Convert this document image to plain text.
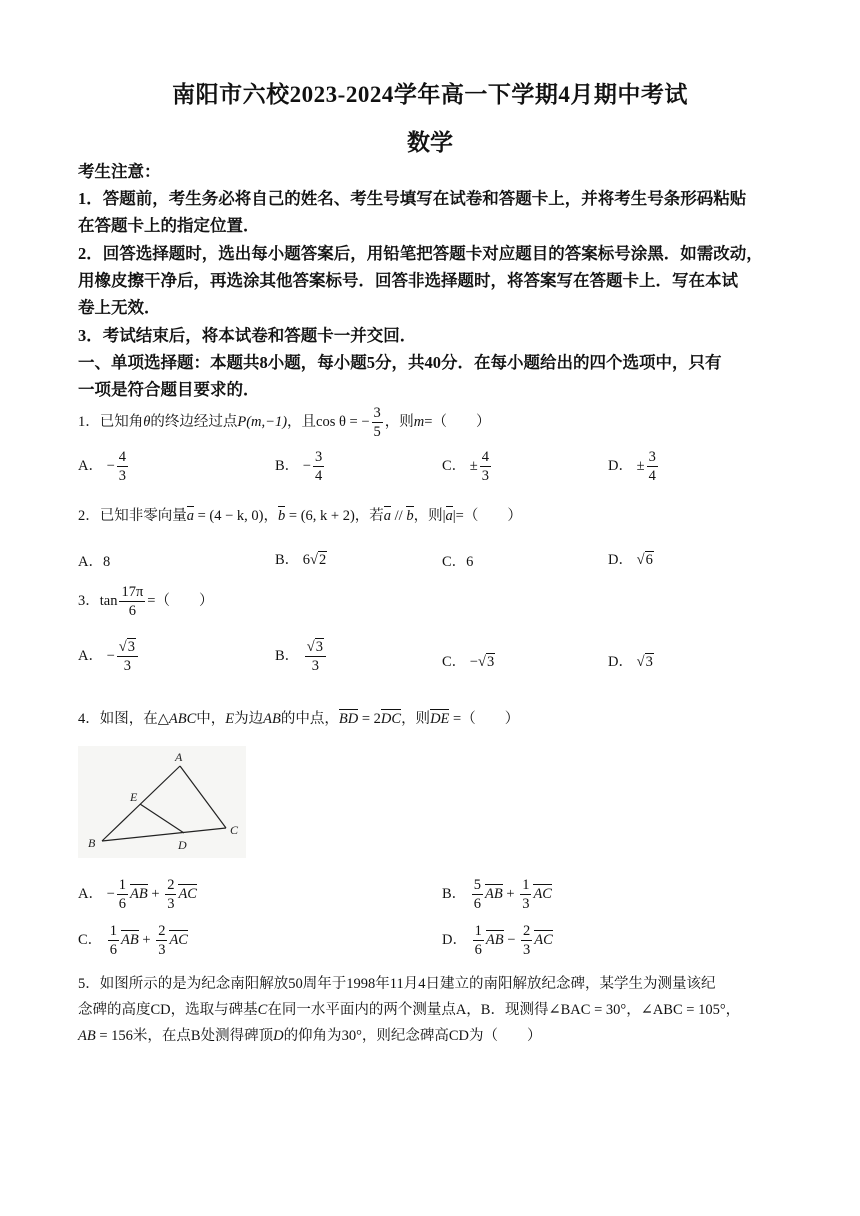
南阳市六校2023-2024学年高一下学期4月期中考试
数学
考生注意：
1．答题前，考生务必将自己的姓名、考生号填写在试卷和答题卡上，并将考生号条形码粘贴
在答题卡上的指定位置．
2．回答选择题时，选出每小题答案后，用铅笔把答题卡对应题目的答案标号涂黑．如需改动，
用橡皮擦干净后，再选涂其他答案标号．回答非选择题时，将答案写在答题卡上．写在本试
卷上无效．
3．考试结束后，将本试卷和答题卡一并交回．
一、单项选择题：本题共8小题，每小题5分，共40分．在每小题给出的四个选项中，只有
一项是符合题目要求的．
1．已知角θ的终边经过点P(m,−1)，且cos θ = − $\frac{3}{5}$ ，则m=（　　）
A． − $\frac{4}{3}$	B． − $\frac{3}{4}$	C． ± $\frac{4}{3}$	D． ± $\frac{3}{4}$
2．已知非零向量a = (4 − k, 0)，b = (6, k + 2)，若a // b，则|a|=（　　）
A．8	B． 6√2	C．6	D． √6
3．$\tan \frac{17\pi}{6}$ =（　　）
A． − $\frac{√3}{3}$	B． $\frac{√3}{3}$	C． −√3	D． √3
4．如图，在△ABC中，E为边AB的中点，BD = 2DC，则DE =（　　）
A
B
C
D
E
A． − $\frac{1}{6}$ AB + $\frac{2}{3}$ AC	B． $\frac{5}{6}$ AB + $\frac{1}{3}$ AC
C． $\frac{1}{6}$ AB + $\frac{2}{3}$ AC	D． $\frac{1}{6}$ AB − $\frac{2}{3}$ AC
5．如图所示的是为纪念南阳解放50周年于1998年11月4日建立的南阳解放纪念碑，某学生为测量该纪
念碑的高度CD，选取与碑基C在同一水平面内的两个测量点A，B．现测得∠BAC = 30°，∠ABC = 105°，
AB = 156米，在点B处测得碑顶D的仰角为30°，则纪念碑高CD为（　　）
